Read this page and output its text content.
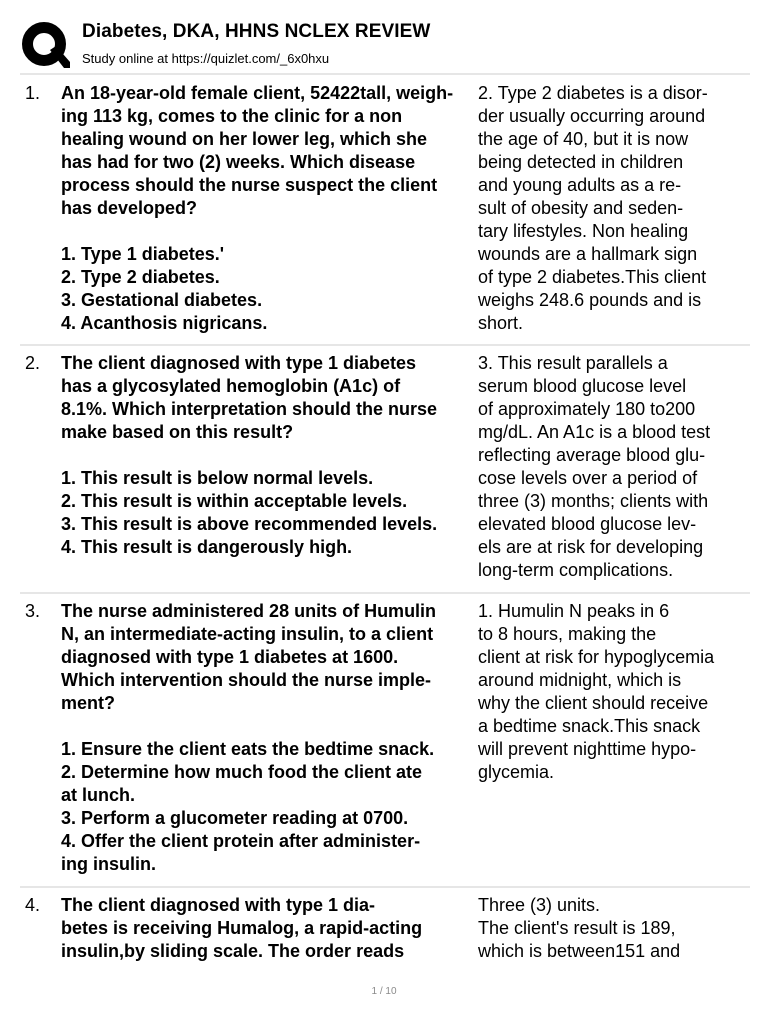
Diabetes, DKA, HHNS NCLEX REVIEW
Study online at https://quizlet.com/_6x0hxu
1. An 18-year-old female client, 52422tall, weigh-
ing 113 kg, comes to the clinic for a non
healing wound on her lower leg, which she
has had for two (2) weeks. Which disease
process should the nurse suspect the client
has developed?

1. Type 1 diabetes.'
2. Type 2 diabetes.
3. Gestational diabetes.
4. Acanthosis nigricans.
2. Type 2 diabetes is a disor-
der usually occurring around
the age of 40, but it is now
being detected in children
and young adults as a re-
sult of obesity and seden-
tary lifestyles. Non healing
wounds are a hallmark sign
of type 2 diabetes.This client
weighs 248.6 pounds and is
short.
2. The client diagnosed with type 1 diabetes
has a glycosylated hemoglobin (A1c) of
8.1%. Which interpretation should the nurse
make based on this result?

1. This result is below normal levels.
2. This result is within acceptable levels.
3. This result is above recommended levels.
4. This result is dangerously high.
3. This result parallels a
serum blood glucose level
of approximately 180 to200
mg/dL. An A1c is a blood test
reflecting average blood glu-
cose levels over a period of
three (3) months; clients with
elevated blood glucose lev-
els are at risk for developing
long-term complications.
3. The nurse administered 28 units of Humulin
N, an intermediate-acting insulin, to a client
diagnosed with type 1 diabetes at 1600.
Which intervention should the nurse imple-
ment?

1. Ensure the client eats the bedtime snack.
2. Determine how much food the client ate
at lunch.
3. Perform a glucometer reading at 0700.
4. Offer the client protein after administer-
ing insulin.
1. Humulin N peaks in 6
to 8 hours, making the
client at risk for hypoglycemia
around midnight, which is
why the client should receive
a bedtime snack.This snack
will prevent nighttime hypo-
glycemia.
4. The client diagnosed with type 1 dia-
betes is receiving Humalog, a rapid-acting
insulin,by sliding scale. The order reads
Three (3) units.
The client's result is 189,
which is between151 and
1 / 10
